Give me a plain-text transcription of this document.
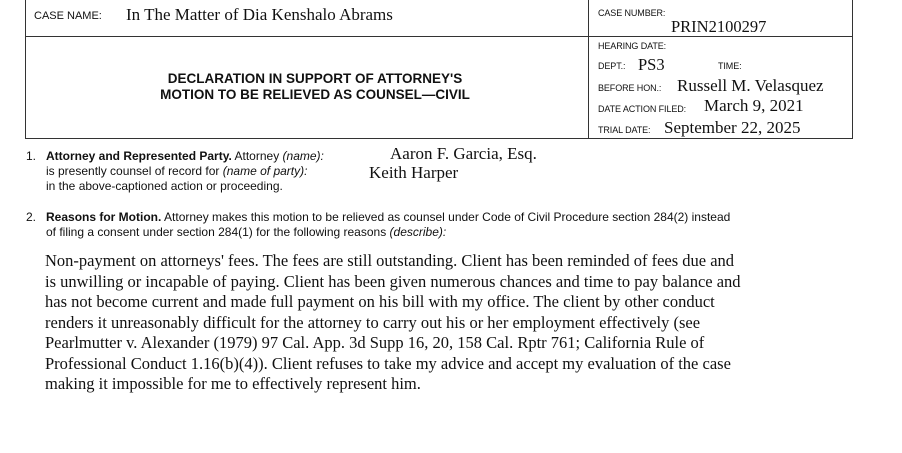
CASE NAME: In The Matter of Dia Kenshalo Abrams	CASE NUMBER:
PRIN2100297
DECLARATION IN SUPPORT OF ATTORNEY'S
MOTION TO BE RELIEVED AS COUNSEL—CIVIL
HEARING DATE:
DEPT.: PS3	TIME:
BEFORE HON.: Russell M. Velasquez
DATE ACTION FILED: March 9, 2021
TRIAL DATE: September 22, 2025
1. Attorney and Represented Party. Attorney (name):	Aaron F. Garcia, Esq.
is presently counsel of record for (name of party):	Keith Harper
in the above-captioned action or proceeding.
2. Reasons for Motion. Attorney makes this motion to be relieved as counsel under Code of Civil Procedure section 284(2) instead
of filing a consent under section 284(1) for the following reasons (describe):
Non-payment on attorneys' fees. The fees are still outstanding. Client has been reminded of fees due and
is unwilling or incapable of paying. Client has been given numerous chances and time to pay balance and
has not become current and made full payment on his bill with my office. The client by other conduct
renders it unreasonably difficult for the attorney to carry out his or her employment effectively (see
Pearlmutter v. Alexander (1979) 97 Cal. App. 3d Supp 16, 20, 158 Cal. Rptr 761; California Rule of
Professional Conduct 1.16(b)(4)). Client refuses to take my advice and accept my evaluation of the case
making it impossible for me to effectively represent him.
